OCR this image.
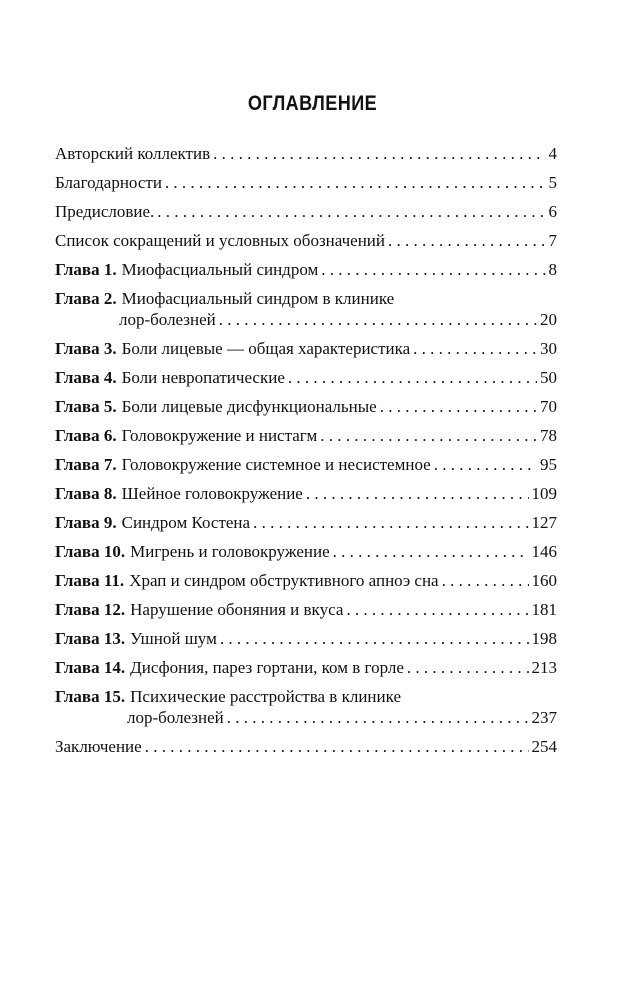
ОГЛАВЛЕНИЕ
Авторский коллектив . . .	4
Благодарности . . .	5
Предисловие. . . .	6
Список сокращений и условных обозначений . . .	7
Глава 1. Миофасциальный синдром . . .	8
Глава 2. Миофасциальный синдром в клинике
лор-болезней . . .	20
Глава 3. Боли лицевые — общая характеристика . . .	30
Глава 4. Боли невропатические . . .	50
Глава 5. Боли лицевые дисфункциональные . . .	70
Глава 6. Головокружение и нистагм . . .	78
Глава 7. Головокружение системное и несистемное . . .	95
Глава 8. Шейное головокружение . . .	109
Глава 9. Синдром Костена . . .	127
Глава 10. Мигрень и головокружение . . .	146
Глава 11. Храп и синдром обструктивного апноэ сна . . .	160
Глава 12. Нарушение обоняния и вкуса . . .	181
Глава 13. Ушной шум . . .	198
Глава 14. Дисфония, парез гортани, ком в горле . . .	213
Глава 15. Психические расстройства в клинике
лор-болезней . . .	237
Заключение . . .	254
